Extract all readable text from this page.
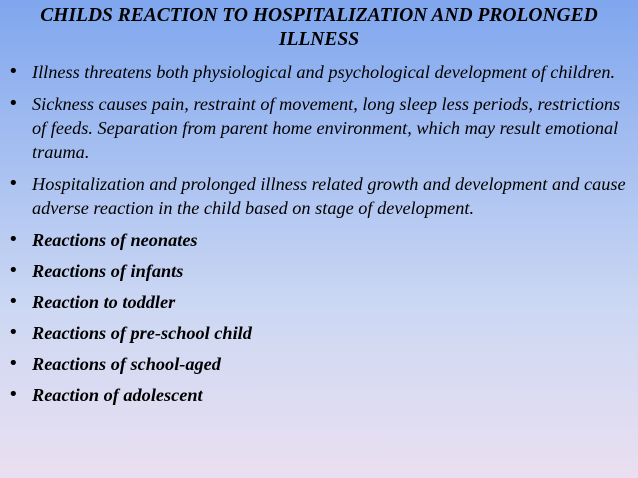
CHILDS REACTION TO HOSPITALIZATION AND PROLONGED ILLNESS
• Illness threatens both physiological and psychological development of children.
• Sickness causes pain, restraint of movement, long sleep less periods, restrictions of feeds. Separation from parent home environment, which may result emotional trauma.
• Hospitalization and prolonged illness related growth and development and cause adverse reaction in the child based on stage of development.
• Reactions of neonates
• Reactions of infants
• Reaction to toddler
• Reactions of pre-school child
• Reactions of school-aged
• Reaction of adolescent
